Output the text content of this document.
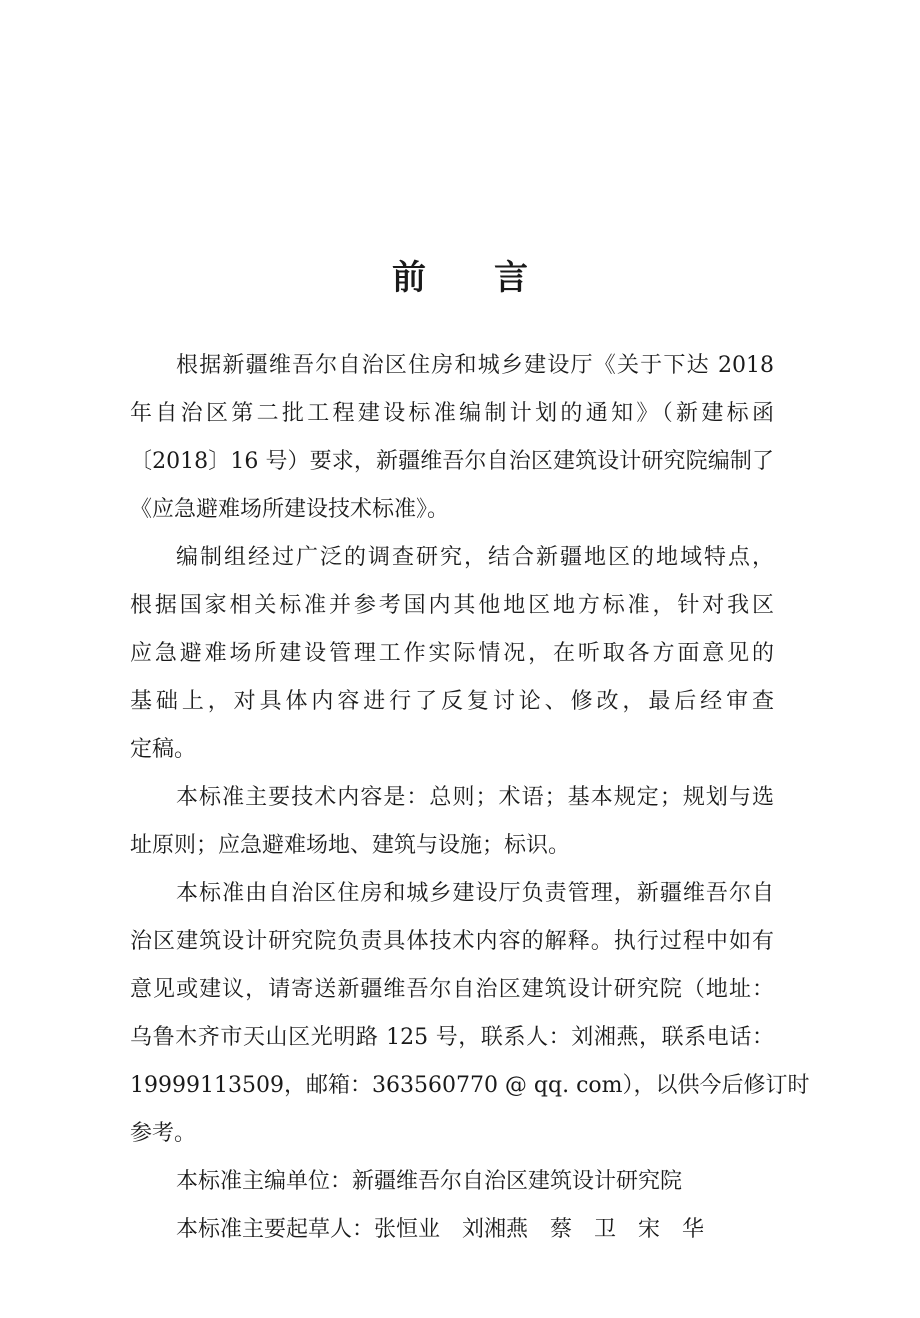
前 言
根据新疆维吾尔自治区住房和城乡建设厅《关于下达 2018
年自治区第二批工程建设标准编制计划的通知》（新建标函
〔2018〕16 号）要求，新疆维吾尔自治区建筑设计研究院编制了
《应急避难场所建设技术标准》。
编制组经过广泛的调查研究，结合新疆地区的地域特点，
根据国家相关标准并参考国内其他地区地方标准，针对我区
应急避难场所建设管理工作实际情况，在听取各方面意见的
基础上，对具体内容进行了反复讨论、修改，最后经审查
定稿。
本标准主要技术内容是：总则；术语；基本规定；规划与选
址原则；应急避难场地、建筑与设施；标识。
本标准由自治区住房和城乡建设厅负责管理，新疆维吾尔自
治区建筑设计研究院负责具体技术内容的解释。执行过程中如有
意见或建议，请寄送新疆维吾尔自治区建筑设计研究院（地址：
乌鲁木齐市天山区光明路 125 号，联系人：刘湘燕，联系电话：
19999113509，邮箱：363560770 @ qq. com），以供今后修订时
参考。
本标准主编单位：新疆维吾尔自治区建筑设计研究院
本标准主要起草人：张恒业　刘湘燕　蔡　卫　宋　华
